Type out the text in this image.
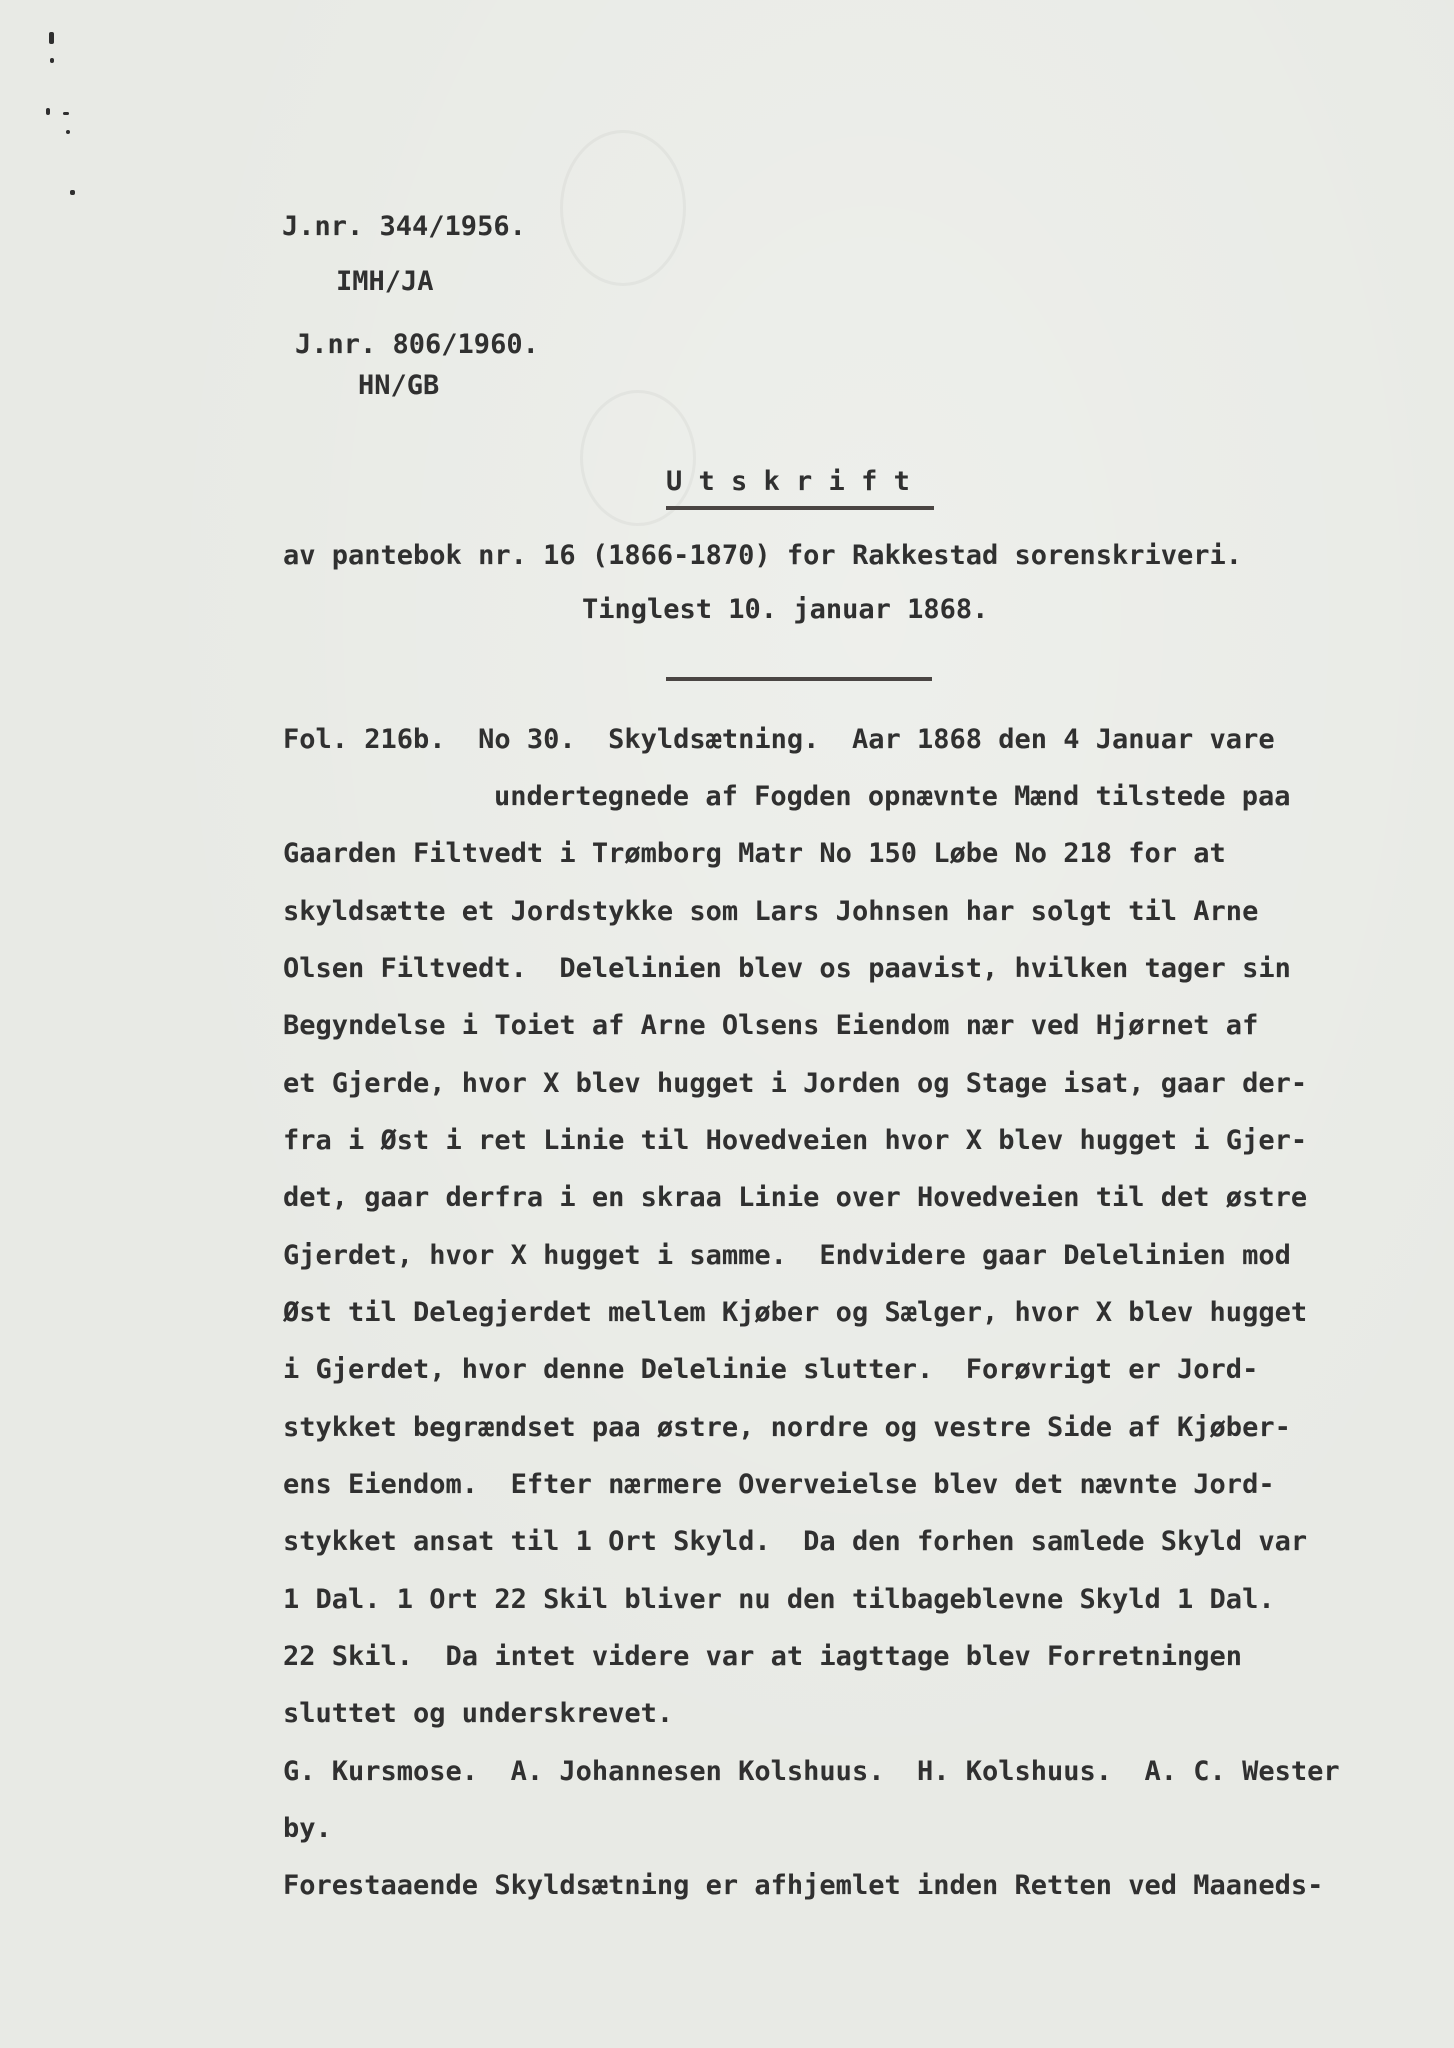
J.nr. 344/1956.
IMH/JA
J.nr. 806/1960.
HN/GB
U t s k r i f t
av pantebok nr. 16 (1866-1870) for Rakkestad sorenskriveri.
Tinglest 10. januar 1868.
Fol. 216b.  No 30.  Skyldsætning.  Aar 1868 den 4 Januar vare
undertegnede af Fogden opnævnte Mænd tilstede paa
Gaarden Filtvedt i Trømborg Matr No 150 Løbe No 218 for at
skyldsætte et Jordstykke som Lars Johnsen har solgt til Arne
Olsen Filtvedt.  Delelinien blev os paavist, hvilken tager sin
Begyndelse i Toiet af Arne Olsens Eiendom nær ved Hjørnet af
et Gjerde, hvor X blev hugget i Jorden og Stage isat, gaar der-
fra i Øst i ret Linie til Hovedveien hvor X blev hugget i Gjer-
det, gaar derfra i en skraa Linie over Hovedveien til det østre
Gjerdet, hvor X hugget i samme.  Endvidere gaar Delelinien mod
Øst til Delegjerdet mellem Kjøber og Sælger, hvor X blev hugget
i Gjerdet, hvor denne Delelinie slutter.  Forøvrigt er Jord-
stykket begrændset paa østre, nordre og vestre Side af Kjøber-
ens Eiendom.  Efter nærmere Overveielse blev det nævnte Jord-
stykket ansat til 1 Ort Skyld.  Da den forhen samlede Skyld var
1 Dal. 1 Ort 22 Skil bliver nu den tilbageblevne Skyld 1 Dal.
22 Skil.  Da intet videre var at iagttage blev Forretningen
sluttet og underskrevet.
G. Kursmose.  A. Johannesen Kolshuus.  H. Kolshuus.  A. C. Wester
by.
Forestaaende Skyldsætning er afhjemlet inden Retten ved Maaneds-
